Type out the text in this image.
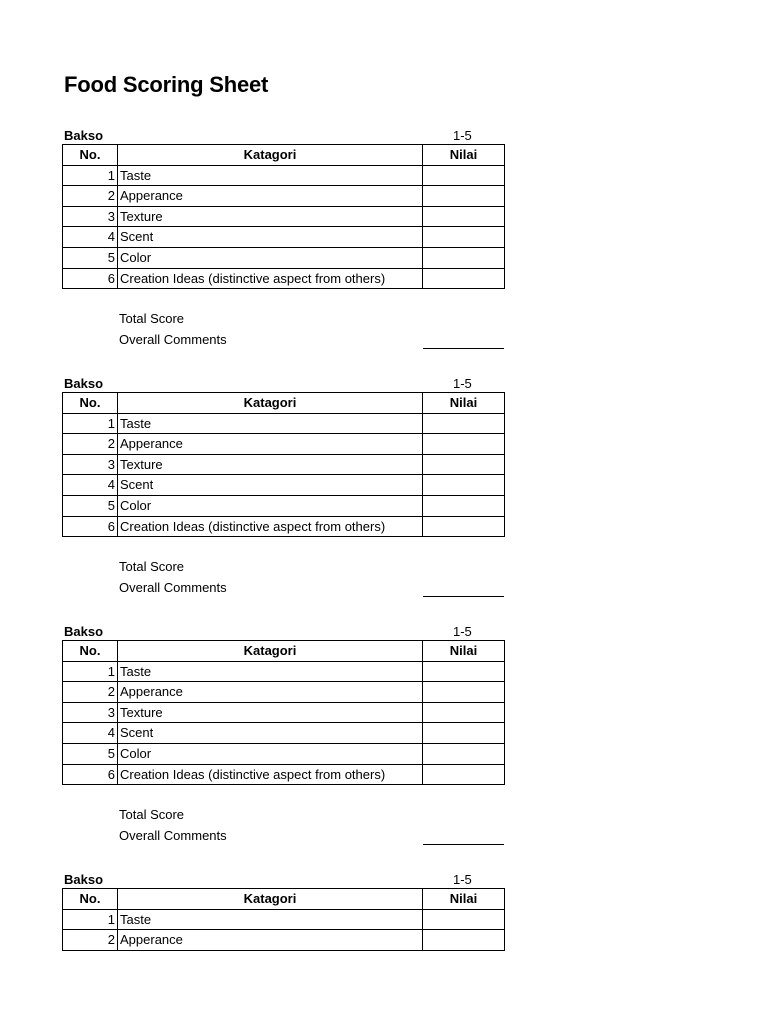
Food Scoring Sheet
Bakso	1-5
No.	Katagori	Nilai
1	Taste	
2	Apperance	
3	Texture	
4	Scent	
5	Color	
6	Creation Ideas (distinctive aspect from others)	
Total Score
Overall Comments
Bakso	1-5
No.	Katagori	Nilai
1	Taste	
2	Apperance	
3	Texture	
4	Scent	
5	Color	
6	Creation Ideas (distinctive aspect from others)	
Total Score
Overall Comments
Bakso	1-5
No.	Katagori	Nilai
1	Taste	
2	Apperance	
3	Texture	
4	Scent	
5	Color	
6	Creation Ideas (distinctive aspect from others)	
Total Score
Overall Comments
Bakso	1-5
No.	Katagori	Nilai
1	Taste	
2	Apperance	
